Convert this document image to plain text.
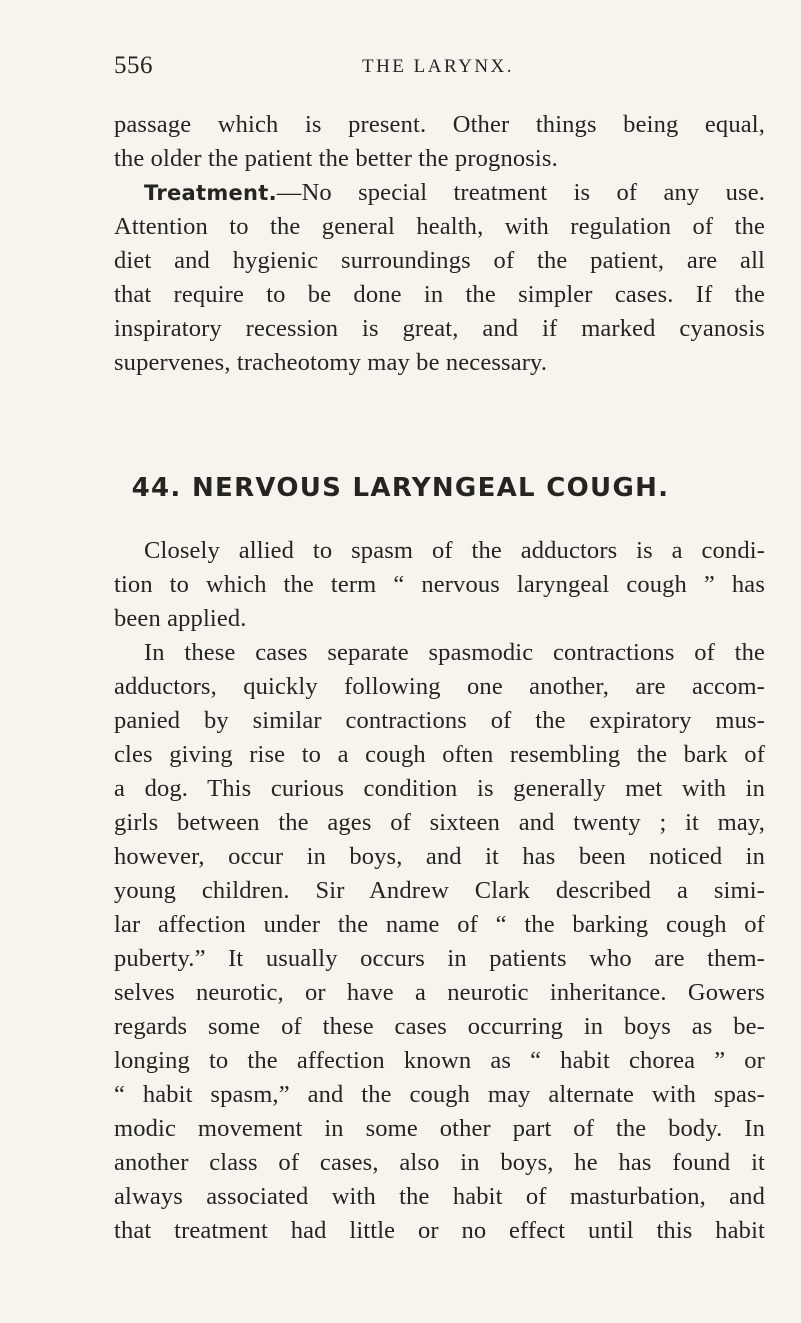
556	THE LARYNX.
passage which is present. Other things being equal,
the older the patient the better the prognosis.
Treatment.—No special treatment is of any use.
Attention to the general health, with regulation of the
diet and hygienic surroundings of the patient, are all
that require to be done in the simpler cases. If the
inspiratory recession is great, and if marked cyanosis
supervenes, tracheotomy may be necessary.
44. NERVOUS LARYNGEAL COUGH.
Closely allied to spasm of the adductors is a condi-
tion to which the term “ nervous laryngeal cough ” has
been applied.
In these cases separate spasmodic contractions of the
adductors, quickly following one another, are accom-
panied by similar contractions of the expiratory mus-
cles giving rise to a cough often resembling the bark of
a dog. This curious condition is generally met with in
girls between the ages of sixteen and twenty ; it may,
however, occur in boys, and it has been noticed in
young children. Sir Andrew Clark described a simi-
lar affection under the name of “ the barking cough of
puberty.” It usually occurs in patients who are them-
selves neurotic, or have a neurotic inheritance. Gowers
regards some of these cases occurring in boys as be-
longing to the affection known as “ habit chorea ” or
“ habit spasm,” and the cough may alternate with spas-
modic movement in some other part of the body. In
another class of cases, also in boys, he has found it
always associated with the habit of masturbation, and
that treatment had little or no effect until this habit
